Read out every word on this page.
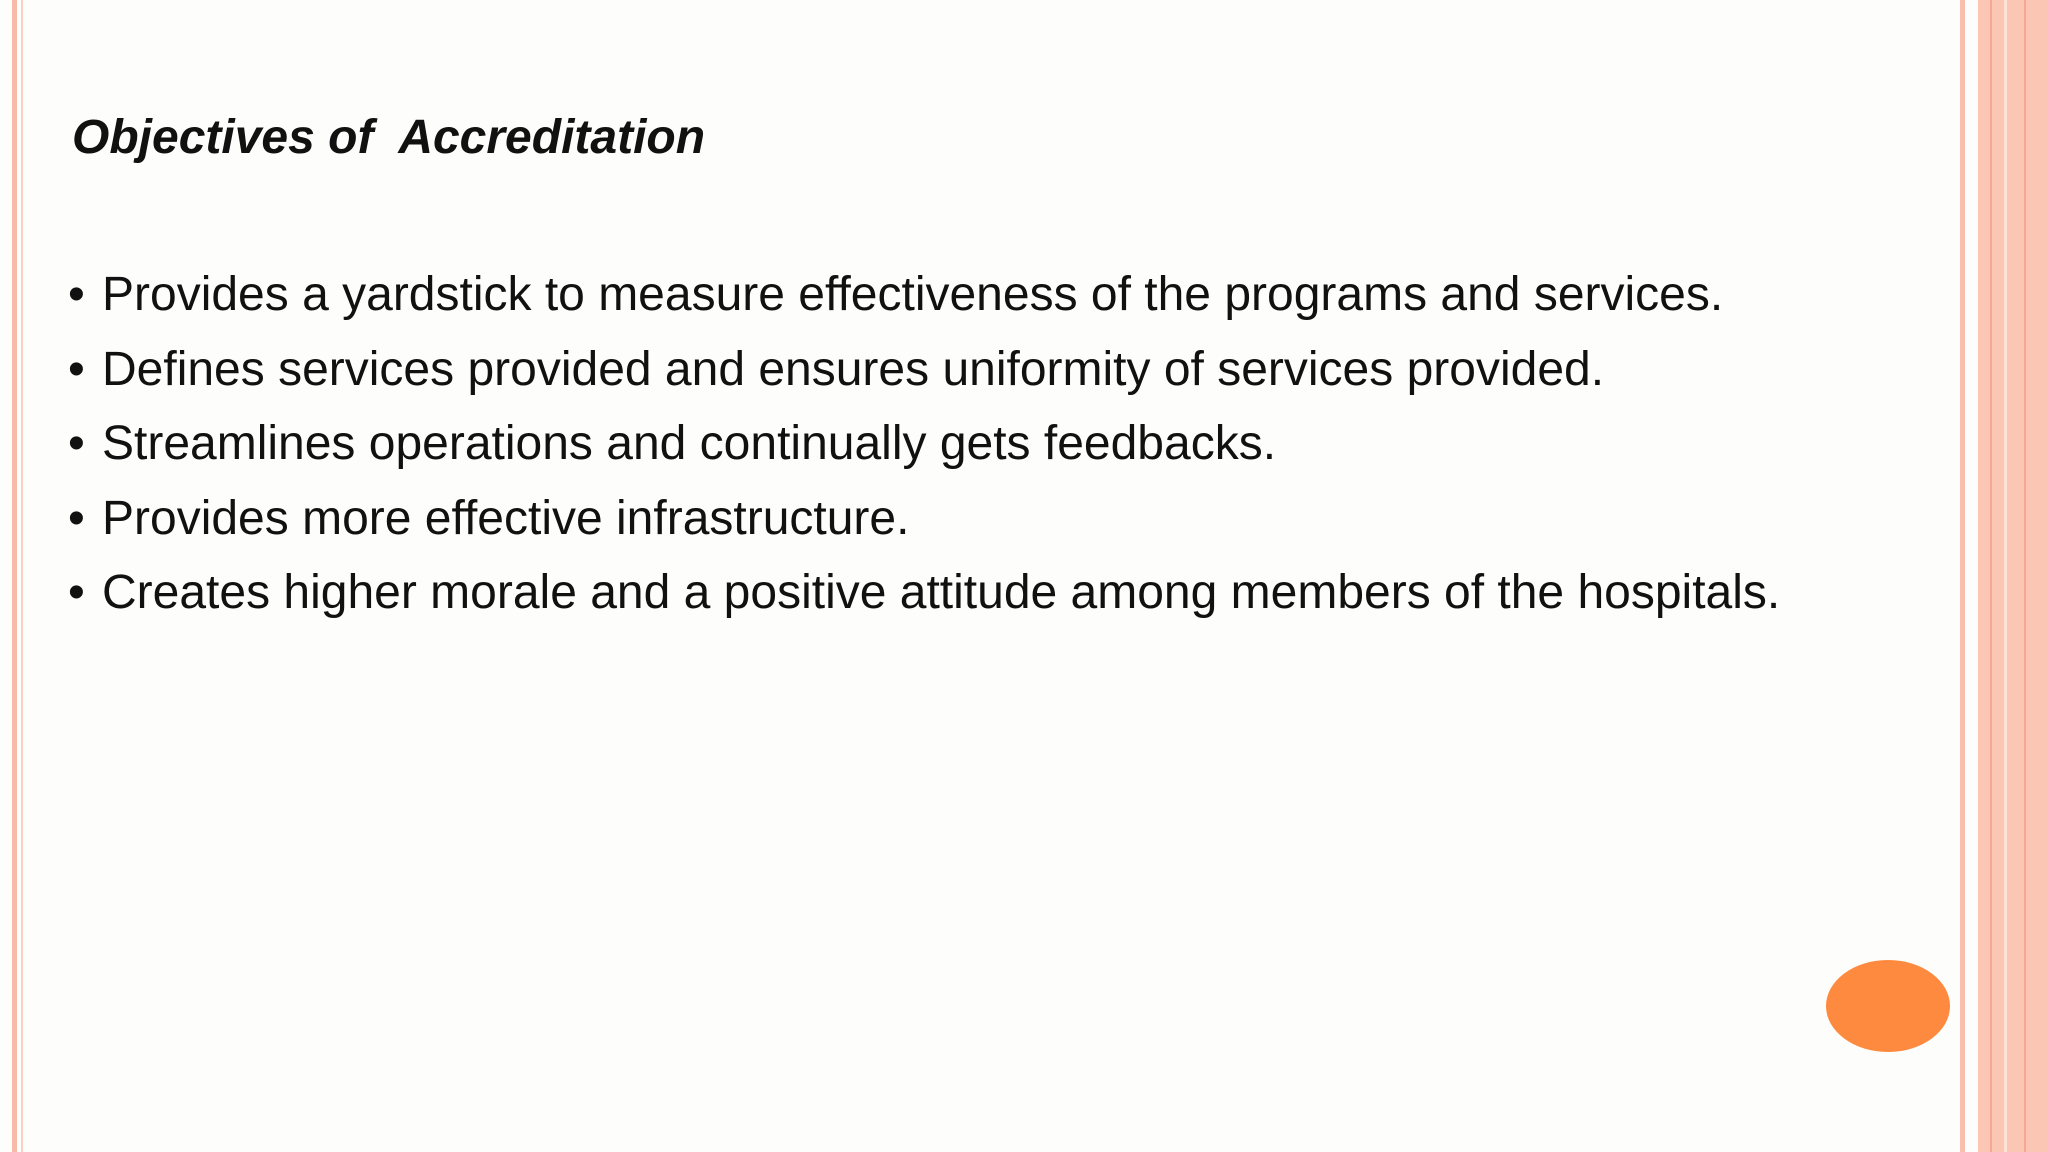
Objectives of  Accreditation
• Provides a yardstick to measure effectiveness of the programs and services.
• Defines services provided and ensures uniformity of services provided.
• Streamlines operations and continually gets feedbacks.
• Provides more effective infrastructure.
• Creates higher morale and a positive attitude among members of the hospitals.
